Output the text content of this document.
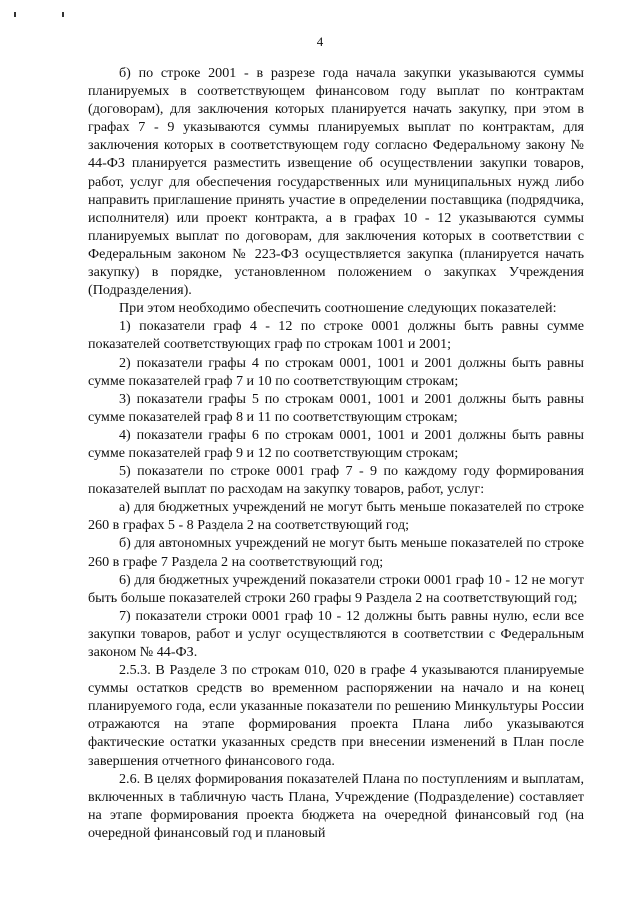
4

б) по строке 2001 - в разрезе года начала закупки указываются суммы планируемых в соответствующем финансовом году выплат по контрактам (договорам), для заключения которых планируется начать закупку, при этом в графах 7 - 9 указываются суммы планируемых выплат по контрактам, для заключения которых в соответствующем году согласно Федеральному закону № 44-ФЗ планируется разместить извещение об осуществлении закупки товаров, работ, услуг для обеспечения государственных или муниципальных нужд либо направить приглашение принять участие в определении поставщика (подрядчика, исполнителя) или проект контракта, а в графах 10 - 12 указываются суммы планируемых выплат по договорам, для заключения которых в соответствии с Федеральным законом № 223-ФЗ осуществляется закупка (планируется начать закупку) в порядке, установленном положением о закупках Учреждения (Подразделения).

При этом необходимо обеспечить соотношение следующих показателей:

1) показатели граф 4 - 12 по строке 0001 должны быть равны сумме показателей соответствующих граф по строкам 1001 и 2001;

2) показатели графы 4 по строкам 0001, 1001 и 2001 должны быть равны сумме показателей граф 7 и 10 по соответствующим строкам;

3) показатели графы 5 по строкам 0001, 1001 и 2001 должны быть равны сумме показателей граф 8 и 11 по соответствующим строкам;

4) показатели графы 6 по строкам 0001, 1001 и 2001 должны быть равны сумме показателей граф 9 и 12 по соответствующим строкам;

5) показатели по строке 0001 граф 7 - 9 по каждому году формирования показателей выплат по расходам на закупку товаров, работ, услуг:

а) для бюджетных учреждений не могут быть меньше показателей по строке 260 в графах 5 - 8 Раздела 2 на соответствующий год;

б) для автономных учреждений не могут быть меньше показателей по строке 260 в графе 7 Раздела 2 на соответствующий год;

6) для бюджетных учреждений показатели строки 0001 граф 10 - 12 не могут быть больше показателей строки 260 графы 9 Раздела 2 на соответствующий год;

7) показатели строки 0001 граф 10 - 12 должны быть равны нулю, если все закупки товаров, работ и услуг осуществляются в соответствии с Федеральным законом № 44-ФЗ.

2.5.3. В Разделе 3 по строкам 010, 020 в графе 4 указываются планируемые суммы остатков средств во временном распоряжении на начало и на конец планируемого года, если указанные показатели по решению Минкультуры России отражаются на этапе формирования проекта Плана либо указываются фактические остатки указанных средств при внесении изменений в План после завершения отчетного финансового года.

2.6. В целях формирования показателей Плана по поступлениям и выплатам, включенных в табличную часть Плана, Учреждение (Подразделение) составляет на этапе формирования проекта бюджета на очередной финансовый год (на очередной финансовый год и плановый
